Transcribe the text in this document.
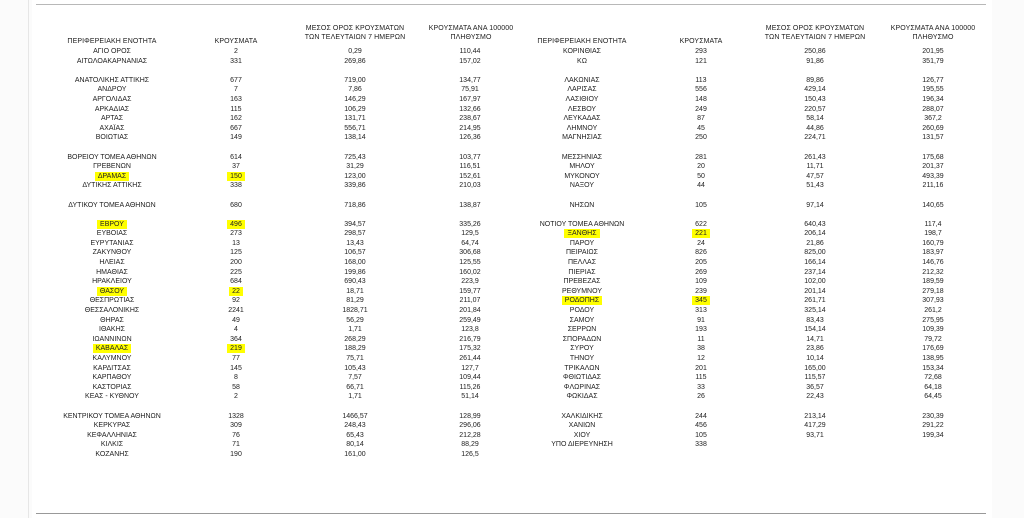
ΠΕΡΙΦΕΡΕΙΑΚΗ ΕΝΟΤΗΤΑ	ΚΡΟΥΣΜΑΤΑ
ΜΕΣΟΣ ΟΡΟΣ ΚΡΟΥΣΜΑΤΩΝ
ΤΩΝ ΤΕΛΕΥΤΑΙΩΝ 7 ΗΜΕΡΩΝ
ΚΡΟΥΣΜΑΤΑ ΑΝΑ 100000
ΠΛΗΘΥΣΜΟ
ΠΕΡΙΦΕΡΕΙΑΚΗ ΕΝΟΤΗΤΑ	ΚΡΟΥΣΜΑΤΑ
ΜΕΣΟΣ ΟΡΟΣ ΚΡΟΥΣΜΑΤΩΝ
ΤΩΝ ΤΕΛΕΥΤΑΙΩΝ 7 ΗΜΕΡΩΝ
ΚΡΟΥΣΜΑΤΑ ΑΝΑ 100000
ΠΛΗΘΥΣΜΟ
ΑΓΙΟ ΟΡΟΣ	2	0,29	110,44
ΑΙΤΩΛΟΑΚΑΡΝΑΝΙΑΣ	331	269,86	157,02
ΑΝΑΤΟΛΙΚΗΣ ΑΤΤΙΚΗΣ	677	719,00	134,77
ΑΝΔΡΟΥ	7	7,86	75,91
ΑΡΓΟΛΙΔΑΣ	163	146,29	167,97
ΑΡΚΑΔΙΑΣ	115	106,29	132,66
ΑΡΤΑΣ	162	131,71	238,67
ΑΧΑΪΑΣ	667	556,71	214,95
ΒΟΙΩΤΙΑΣ	149	138,14	126,36
ΒΟΡΕΙΟΥ ΤΟΜΕΑ ΑΘΗΝΩΝ	614	725,43	103,77
ΓΡΕΒΕΝΩΝ	37	31,29	116,51
ΔΡΑΜΑΣ	150	123,00	152,61
ΔΥΤΙΚΗΣ ΑΤΤΙΚΗΣ	338	339,86	210,03
ΔΥΤΙΚΟΥ ΤΟΜΕΑ ΑΘΗΝΩΝ	680	718,86	138,87
ΕΒΡΟΥ	496	394,57	335,26
ΕΥΒΟΙΑΣ	273	298,57	129,5
ΕΥΡΥΤΑΝΙΑΣ	13	13,43	64,74
ΖΑΚΥΝΘΟΥ	125	106,57	306,68
ΗΛΕΙΑΣ	200	168,00	125,55
ΗΜΑΘΙΑΣ	225	199,86	160,02
ΗΡΑΚΛΕΙΟΥ	684	690,43	223,9
ΘΑΣΟΥ	22	18,71	159,77
ΘΕΣΠΡΩΤΙΑΣ	92	81,29	211,07
ΘΕΣΣΑΛΟΝΙΚΗΣ	2241	1828,71	201,84
ΘΗΡΑΣ	49	56,29	259,49
ΙΘΑΚΗΣ	4	1,71	123,8
ΙΩΑΝΝΙΝΩΝ	364	268,29	216,79
ΚΑΒΑΛΑΣ	219	188,29	175,32
ΚΑΛΥΜΝΟΥ	77	75,71	261,44
ΚΑΡΔΙΤΣΑΣ	145	105,43	127,7
ΚΑΡΠΑΘΟΥ	8	7,57	109,44
ΚΑΣΤΟΡΙΑΣ	58	66,71	115,26
ΚΕΑΣ - ΚΥΘΝΟΥ	2	1,71	51,14
ΚΕΝΤΡΙΚΟΥ ΤΟΜΕΑ ΑΘΗΝΩΝ	1328	1466,57	128,99
ΚΕΡΚΥΡΑΣ	309	248,43	296,06
ΚΕΦΑΛΛΗΝΙΑΣ	76	65,43	212,28
ΚΙΛΚΙΣ	71	80,14	88,29
ΚΟΖΑΝΗΣ	190	161,00	126,5
ΚΟΡΙΝΘΙΑΣ	293	250,86	201,95
ΚΩ	121	91,86	351,79
ΛΑΚΩΝΙΑΣ	113	89,86	126,77
ΛΑΡΙΣΑΣ	556	429,14	195,55
ΛΑΣΙΘΙΟΥ	148	150,43	196,34
ΛΕΣΒΟΥ	249	220,57	288,07
ΛΕΥΚΑΔΑΣ	87	58,14	367,2
ΛΗΜΝΟΥ	45	44,86	260,69
ΜΑΓΝΗΣΙΑΣ	250	224,71	131,57
ΜΕΣΣΗΝΙΑΣ	281	261,43	175,68
ΜΗΛΟΥ	20	11,71	201,37
ΜΥΚΟΝΟΥ	50	47,57	493,39
ΝΑΞΟΥ	44	51,43	211,16
ΝΗΣΩΝ	105	97,14	140,65
ΝΟΤΙΟΥ ΤΟΜΕΑ ΑΘΗΝΩΝ	622	640,43	117,4
ΞΑΝΘΗΣ	221	206,14	198,7
ΠΑΡΟΥ	24	21,86	160,79
ΠΕΙΡΑΙΩΣ	826	825,00	183,97
ΠΕΛΛΑΣ	205	166,14	146,76
ΠΙΕΡΙΑΣ	269	237,14	212,32
ΠΡΕΒΕΖΑΣ	109	102,00	189,59
ΡΕΘΥΜΝΟΥ	239	201,14	279,18
ΡΟΔΟΠΗΣ	345	261,71	307,93
ΡΟΔΟΥ	313	325,14	261,2
ΣΑΜΟΥ	91	83,43	275,95
ΣΕΡΡΩΝ	193	154,14	109,39
ΣΠΟΡΑΔΩΝ	11	14,71	79,72
ΣΥΡΟΥ	38	23,86	176,69
ΤΗΝΟΥ	12	10,14	138,95
ΤΡΙΚΑΛΩΝ	201	165,00	153,34
ΦΘΙΩΤΙΔΑΣ	115	115,57	72,68
ΦΛΩΡΙΝΑΣ	33	36,57	64,18
ΦΩΚΙΔΑΣ	26	22,43	64,45
ΧΑΛΚΙΔΙΚΗΣ	244	213,14	230,39
ΧΑΝΙΩΝ	456	417,29	291,22
ΧΙΟΥ	105	93,71	199,34
ΥΠΟ ΔΙΕΡΕΥΝΗΣΗ	338
